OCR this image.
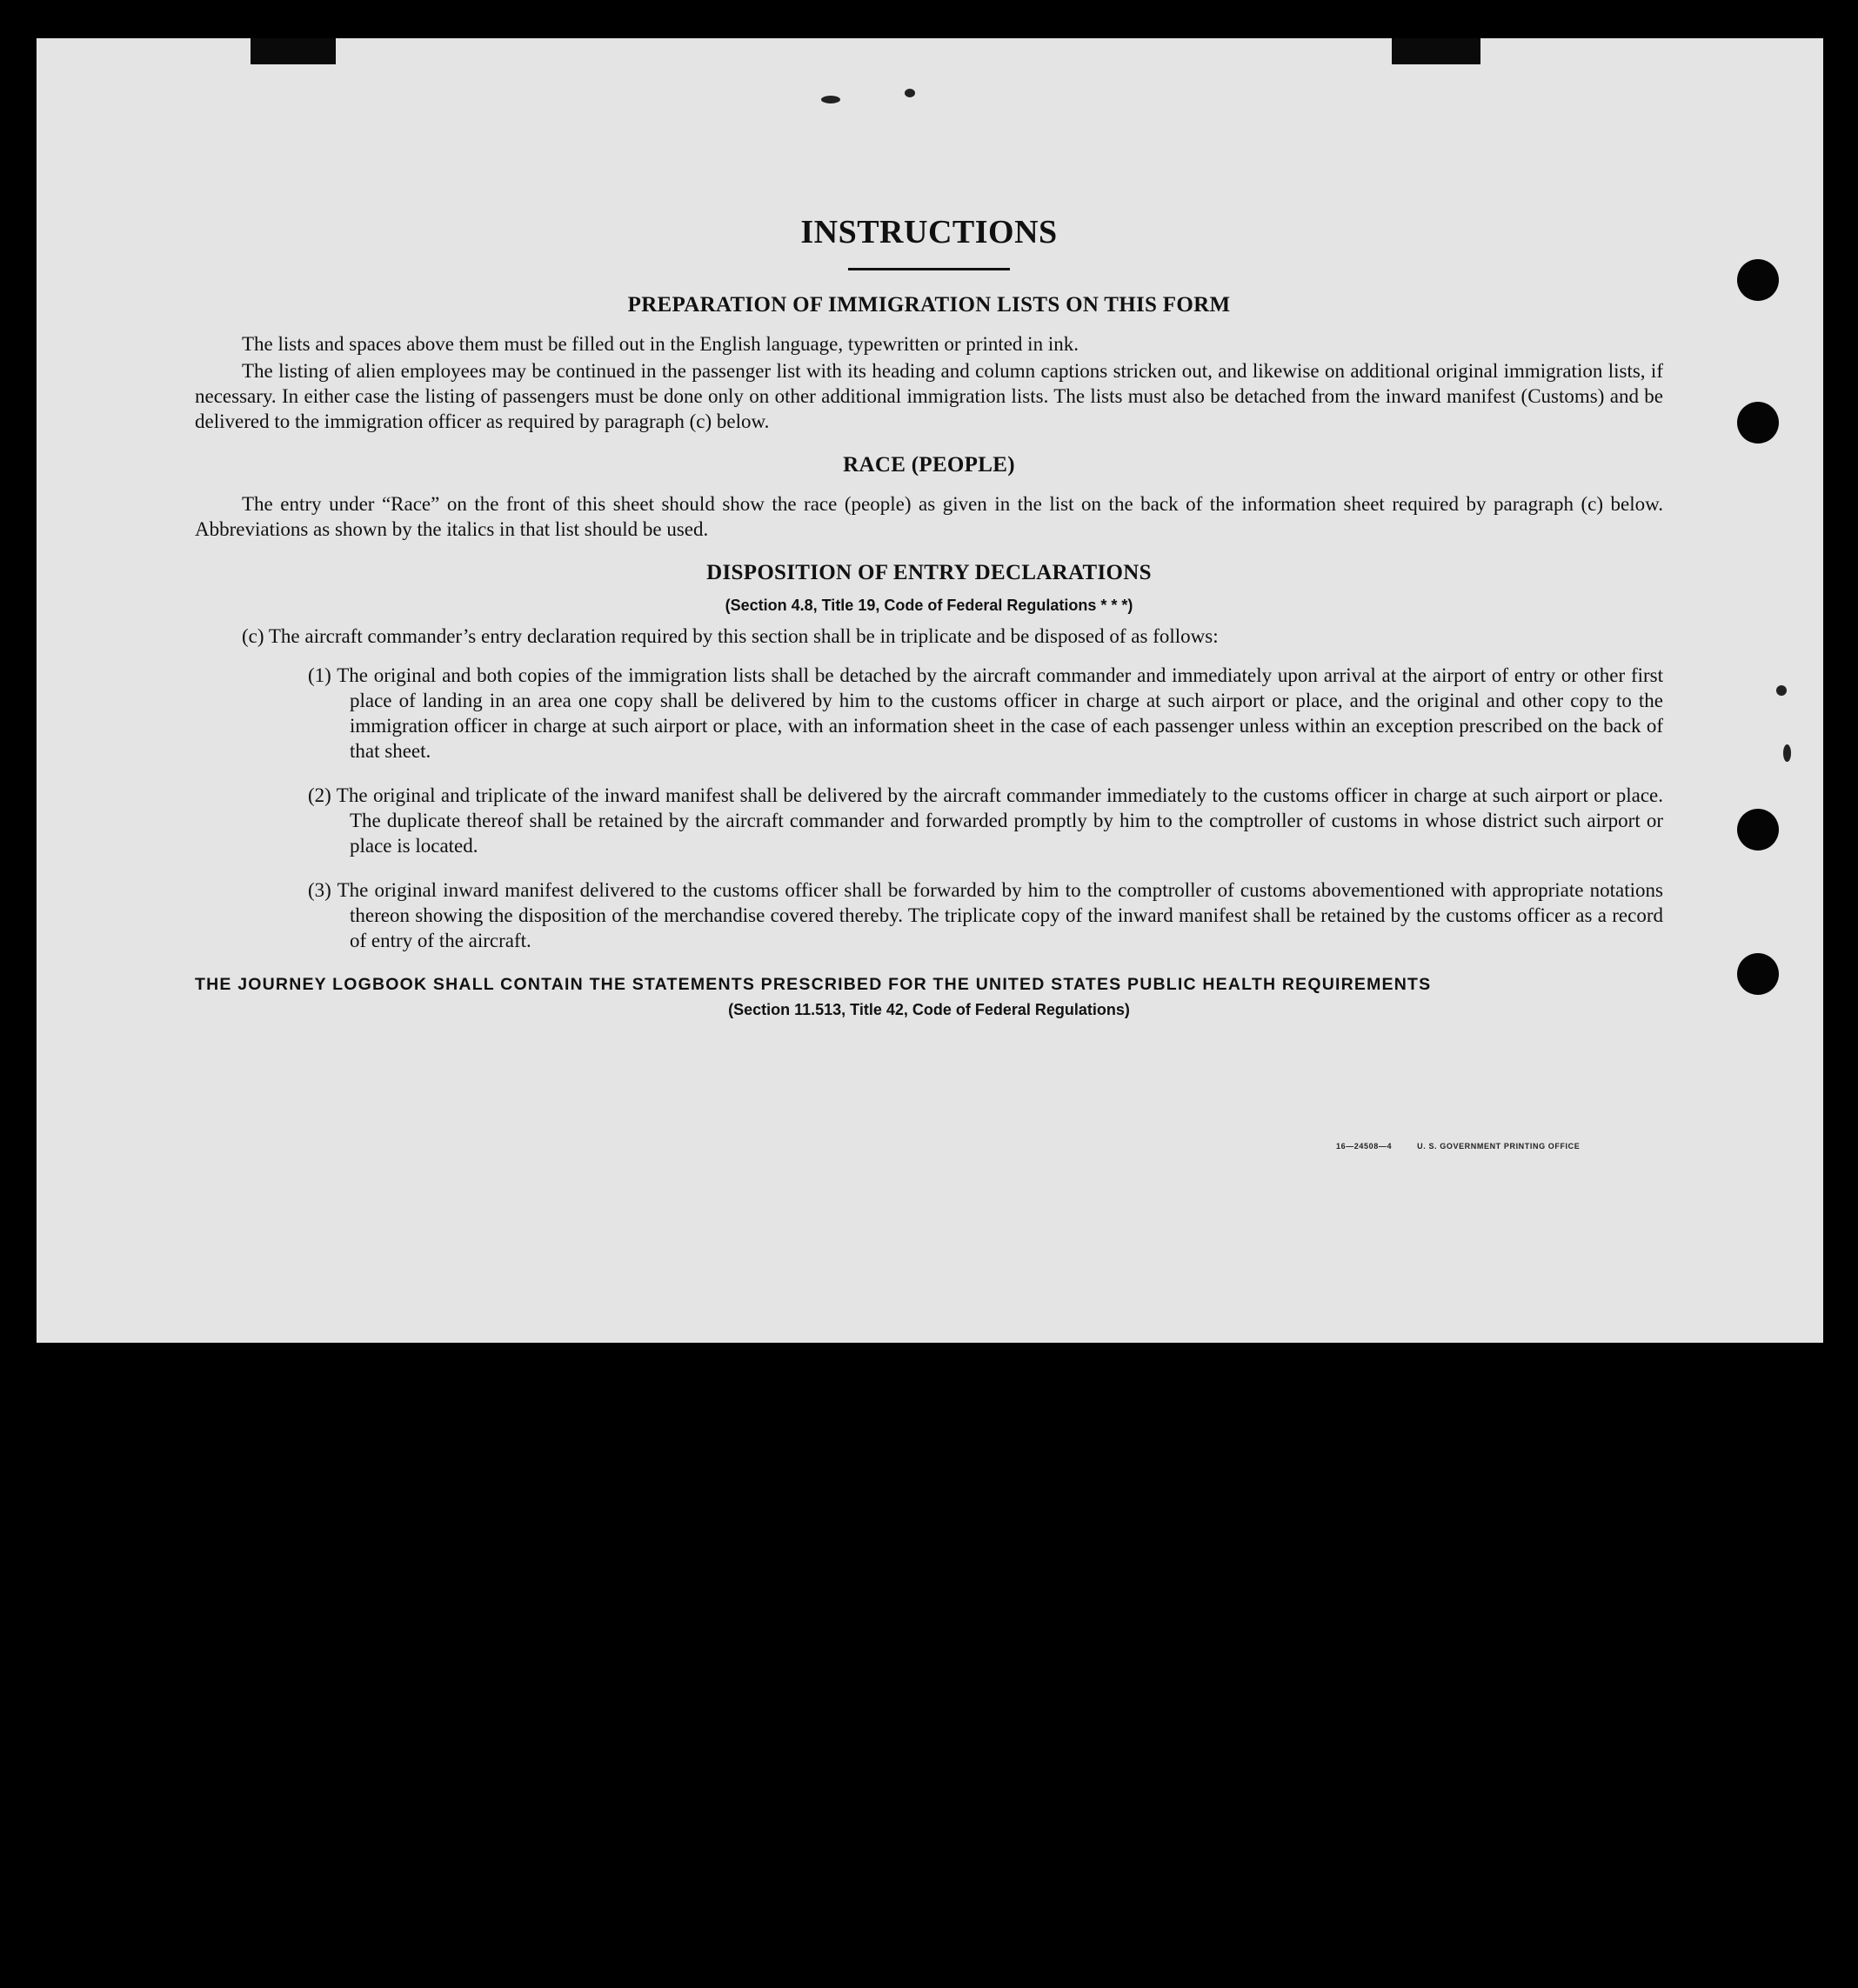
INSTRUCTIONS
PREPARATION OF IMMIGRATION LISTS ON THIS FORM

The lists and spaces above them must be filled out in the English language, typewritten or printed in ink.

The listing of alien employees may be continued in the passenger list with its heading and column captions stricken out, and likewise on additional original immigration lists, if necessary. In either case the listing of passengers must be done only on other additional immigration lists. The lists must also be detached from the inward manifest (Customs) and be delivered to the immigration officer as required by paragraph (c) below.

RACE (PEOPLE)

The entry under “Race” on the front of this sheet should show the race (people) as given in the list on the back of the information sheet required by paragraph (c) below. Abbreviations as shown by the italics in that list should be used.

DISPOSITION OF ENTRY DECLARATIONS
(Section 4.8, Title 19, Code of Federal Regulations * * *)
(c) The aircraft commander’s entry declaration required by this section shall be in triplicate and be disposed of as follows:
(1) The original and both copies of the immigration lists shall be detached by the aircraft commander and immediately upon arrival at the airport of entry or other first place of landing in an area one copy shall be delivered by him to the customs officer in charge at such airport or place, and the original and other copy to the immigration officer in charge at such airport or place, with an information sheet in the case of each passenger unless within an exception prescribed on the back of that sheet.
(2) The original and triplicate of the inward manifest shall be delivered by the aircraft commander immediately to the customs officer in charge at such airport or place. The duplicate thereof shall be retained by the aircraft commander and forwarded promptly by him to the comptroller of customs in whose district such airport or place is located.
(3) The original inward manifest delivered to the customs officer shall be forwarded by him to the comptroller of customs abovementioned with appropriate notations thereon showing the disposition of the merchandise covered thereby. The triplicate copy of the inward manifest shall be retained by the customs officer as a record of entry of the aircraft.
THE JOURNEY LOGBOOK SHALL CONTAIN THE STATEMENTS PRESCRIBED FOR THE UNITED STATES PUBLIC HEALTH REQUIREMENTS
(Section 11.513, Title 42, Code of Federal Regulations)
16—24508—4	U. S. GOVERNMENT PRINTING OFFICE
